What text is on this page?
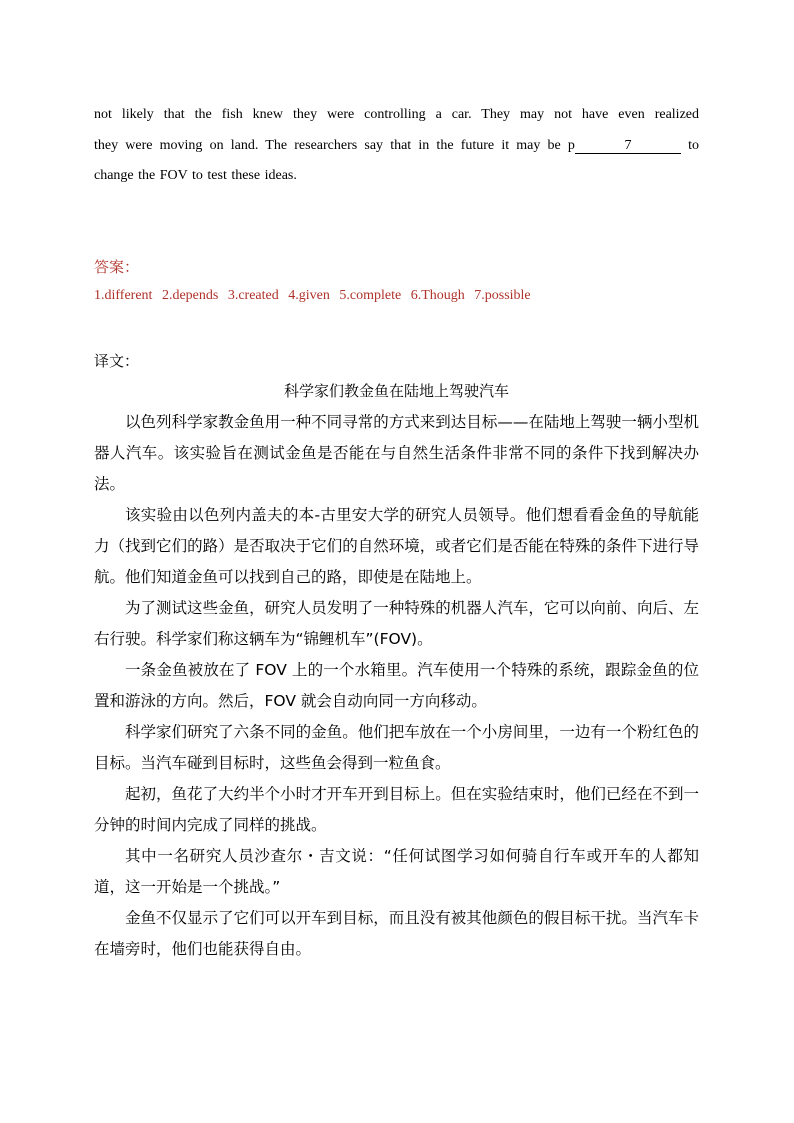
not likely that the fish knew they were controlling a car. They may not have even realized
they were moving on land. The researchers say that in the future it may be p	7	to
change the FOV to test these ideas.
答案：
1.different 2.depends 3.created 4.given 5.complete 6.Though 7.possible
译文：
科学家们教金鱼在陆地上驾驶汽车

以色列科学家教金鱼用一种不同寻常的方式来到达目标——在陆地上驾驶一辆小型机器人汽车。该实验旨在测试金鱼是否能在与自然生活条件非常不同的条件下找到解决办法。

该实验由以色列内盖夫的本-古里安大学的研究人员领导。他们想看看金鱼的导航能力（找到它们的路）是否取决于它们的自然环境，或者它们是否能在特殊的条件下进行导航。他们知道金鱼可以找到自己的路，即使是在陆地上。

为了测试这些金鱼，研究人员发明了一种特殊的机器人汽车，它可以向前、向后、左右行驶。科学家们称这辆车为“锦鲤机车”(FOV)。

一条金鱼被放在了 FOV 上的一个水箱里。汽车使用一个特殊的系统，跟踪金鱼的位置和游泳的方向。然后，FOV 就会自动向同一方向移动。

科学家们研究了六条不同的金鱼。他们把车放在一个小房间里，一边有一个粉红色的目标。当汽车碰到目标时，这些鱼会得到一粒鱼食。

起初，鱼花了大约半个小时才开车开到目标上。但在实验结束时，他们已经在不到一分钟的时间内完成了同样的挑战。

其中一名研究人员沙查尔・吉文说：“任何试图学习如何骑自行车或开车的人都知道，这一开始是一个挑战。”

金鱼不仅显示了它们可以开车到目标，而且没有被其他颜色的假目标干扰。当汽车卡在墙旁时，他们也能获得自由。
